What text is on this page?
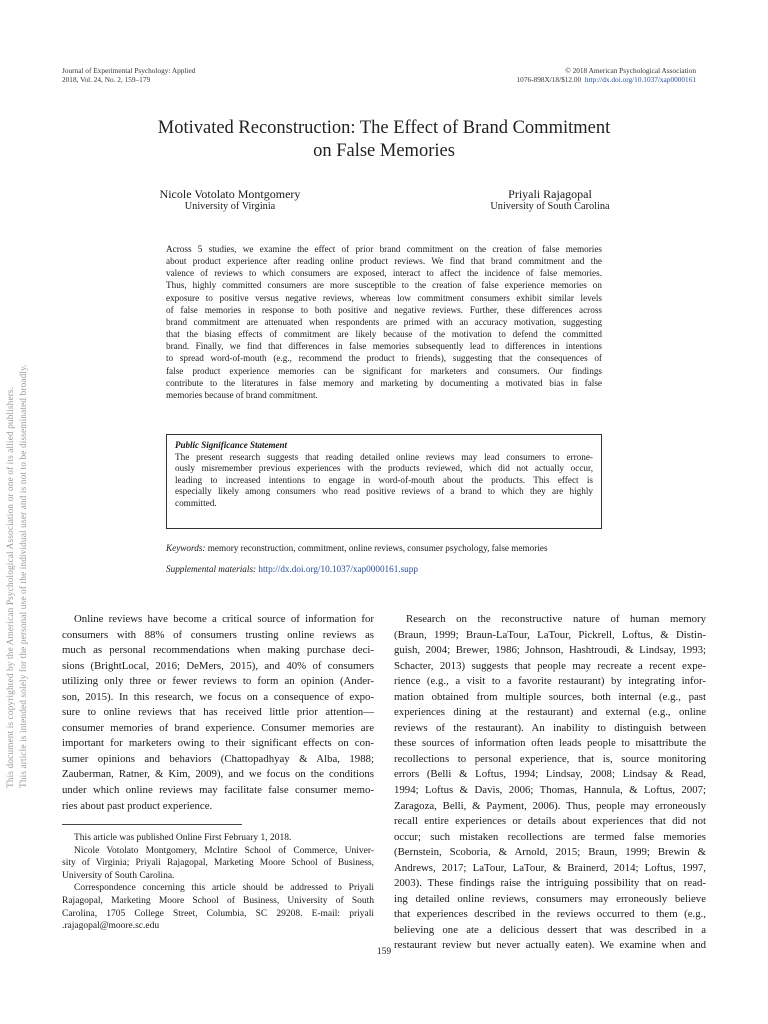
Journal of Experimental Psychology: Applied
2018, Vol. 24, No. 2, 159–179
© 2018 American Psychological Association
1076-898X/18/$12.00 http://dx.doi.org/10.1037/xap0000161
Motivated Reconstruction: The Effect of Brand Commitment
on False Memories
Nicole Votolato Montgomery
University of Virginia
Priyali Rajagopal
University of South Carolina
Across 5 studies, we examine the effect of prior brand commitment on the creation of false memories
about product experience after reading online product reviews. We find that brand commitment and the
valence of reviews to which consumers are exposed, interact to affect the incidence of false memories.
Thus, highly committed consumers are more susceptible to the creation of false experience memories on
exposure to positive versus negative reviews, whereas low commitment consumers exhibit similar levels
of false memories in response to both positive and negative reviews. Further, these differences across
brand commitment are attenuated when respondents are primed with an accuracy motivation, suggesting
that the biasing effects of commitment are likely because of the motivation to defend the committed
brand. Finally, we find that differences in false memories subsequently lead to differences in intentions
to spread word-of-mouth (e.g., recommend the product to friends), suggesting that the consequences of
false product experience memories can be significant for marketers and consumers. Our findings
contribute to the literatures in false memory and marketing by documenting a motivated bias in false
memories because of brand commitment.
Public Significance Statement
The present research suggests that reading detailed online reviews may lead consumers to errone-
ously misremember previous experiences with the products reviewed, which did not actually occur,
leading to increased intentions to engage in word-of-mouth about the products. This effect is
especially likely among consumers who read positive reviews of a brand to which they are highly
committed.
Keywords: memory reconstruction, commitment, online reviews, consumer psychology, false memories
Supplemental materials: http://dx.doi.org/10.1037/xap0000161.supp
Online reviews have become a critical source of information for
consumers with 88% of consumers trusting online reviews as
much as personal recommendations when making purchase deci-
sions (BrightLocal, 2016; DeMers, 2015), and 40% of consumers
utilizing only three or fewer reviews to form an opinion (Ander-
son, 2015). In this research, we focus on a consequence of expo-
sure to online reviews that has received little prior attention—
consumer memories of brand experience. Consumer memories are
important for marketers owing to their significant effects on con-
sumer opinions and behaviors (Chattopadhyay & Alba, 1988;
Zauberman, Ratner, & Kim, 2009), and we focus on the conditions
under which online reviews may facilitate false consumer memo-
ries about past product experience.
This article was published Online First February 1, 2018.
Nicole Votolato Montgomery, McIntire School of Commerce, Univer-
sity of Virginia; Priyali Rajagopal, Marketing Moore School of Business,
University of South Carolina.
Correspondence concerning this article should be addressed to Priyali
Rajagopal, Marketing Moore School of Business, University of South
Carolina, 1705 College Street, Columbia, SC 29208. E-mail: priyali
.rajagopal@moore.sc.edu
Research on the reconstructive nature of human memory
(Braun, 1999; Braun-LaTour, LaTour, Pickrell, Loftus, & Distin-
guish, 2004; Brewer, 1986; Johnson, Hashtroudi, & Lindsay, 1993;
Schacter, 2013) suggests that people may recreate a recent expe-
rience (e.g., a visit to a favorite restaurant) by integrating infor-
mation obtained from multiple sources, both internal (e.g., past
experiences dining at the restaurant) and external (e.g., online
reviews of the restaurant). An inability to distinguish between
these sources of information often leads people to misattribute the
recollections to personal experience, that is, source monitoring
errors (Belli & Loftus, 1994; Lindsay, 2008; Lindsay & Read,
1994; Loftus & Davis, 2006; Thomas, Hannula, & Loftus, 2007;
Zaragoza, Belli, & Payment, 2006). Thus, people may erroneously
recall entire experiences or details about experiences that did not
occur; such mistaken recollections are termed false memories
(Bernstein, Scoboria, & Arnold, 2015; Braun, 1999; Brewin &
Andrews, 2017; LaTour, LaTour, & Brainerd, 2014; Loftus, 1997,
2003). These findings raise the intriguing possibility that on read-
ing detailed online reviews, consumers may erroneously believe
that experiences described in the reviews occurred to them (e.g.,
believing one ate a delicious dessert that was described in a
restaurant review but never actually eaten). We examine when and
159
This document is copyrighted by the American Psychological Association or one of its allied publishers. This article is intended solely for the personal use of the individual user and is not to be disseminated broadly.
